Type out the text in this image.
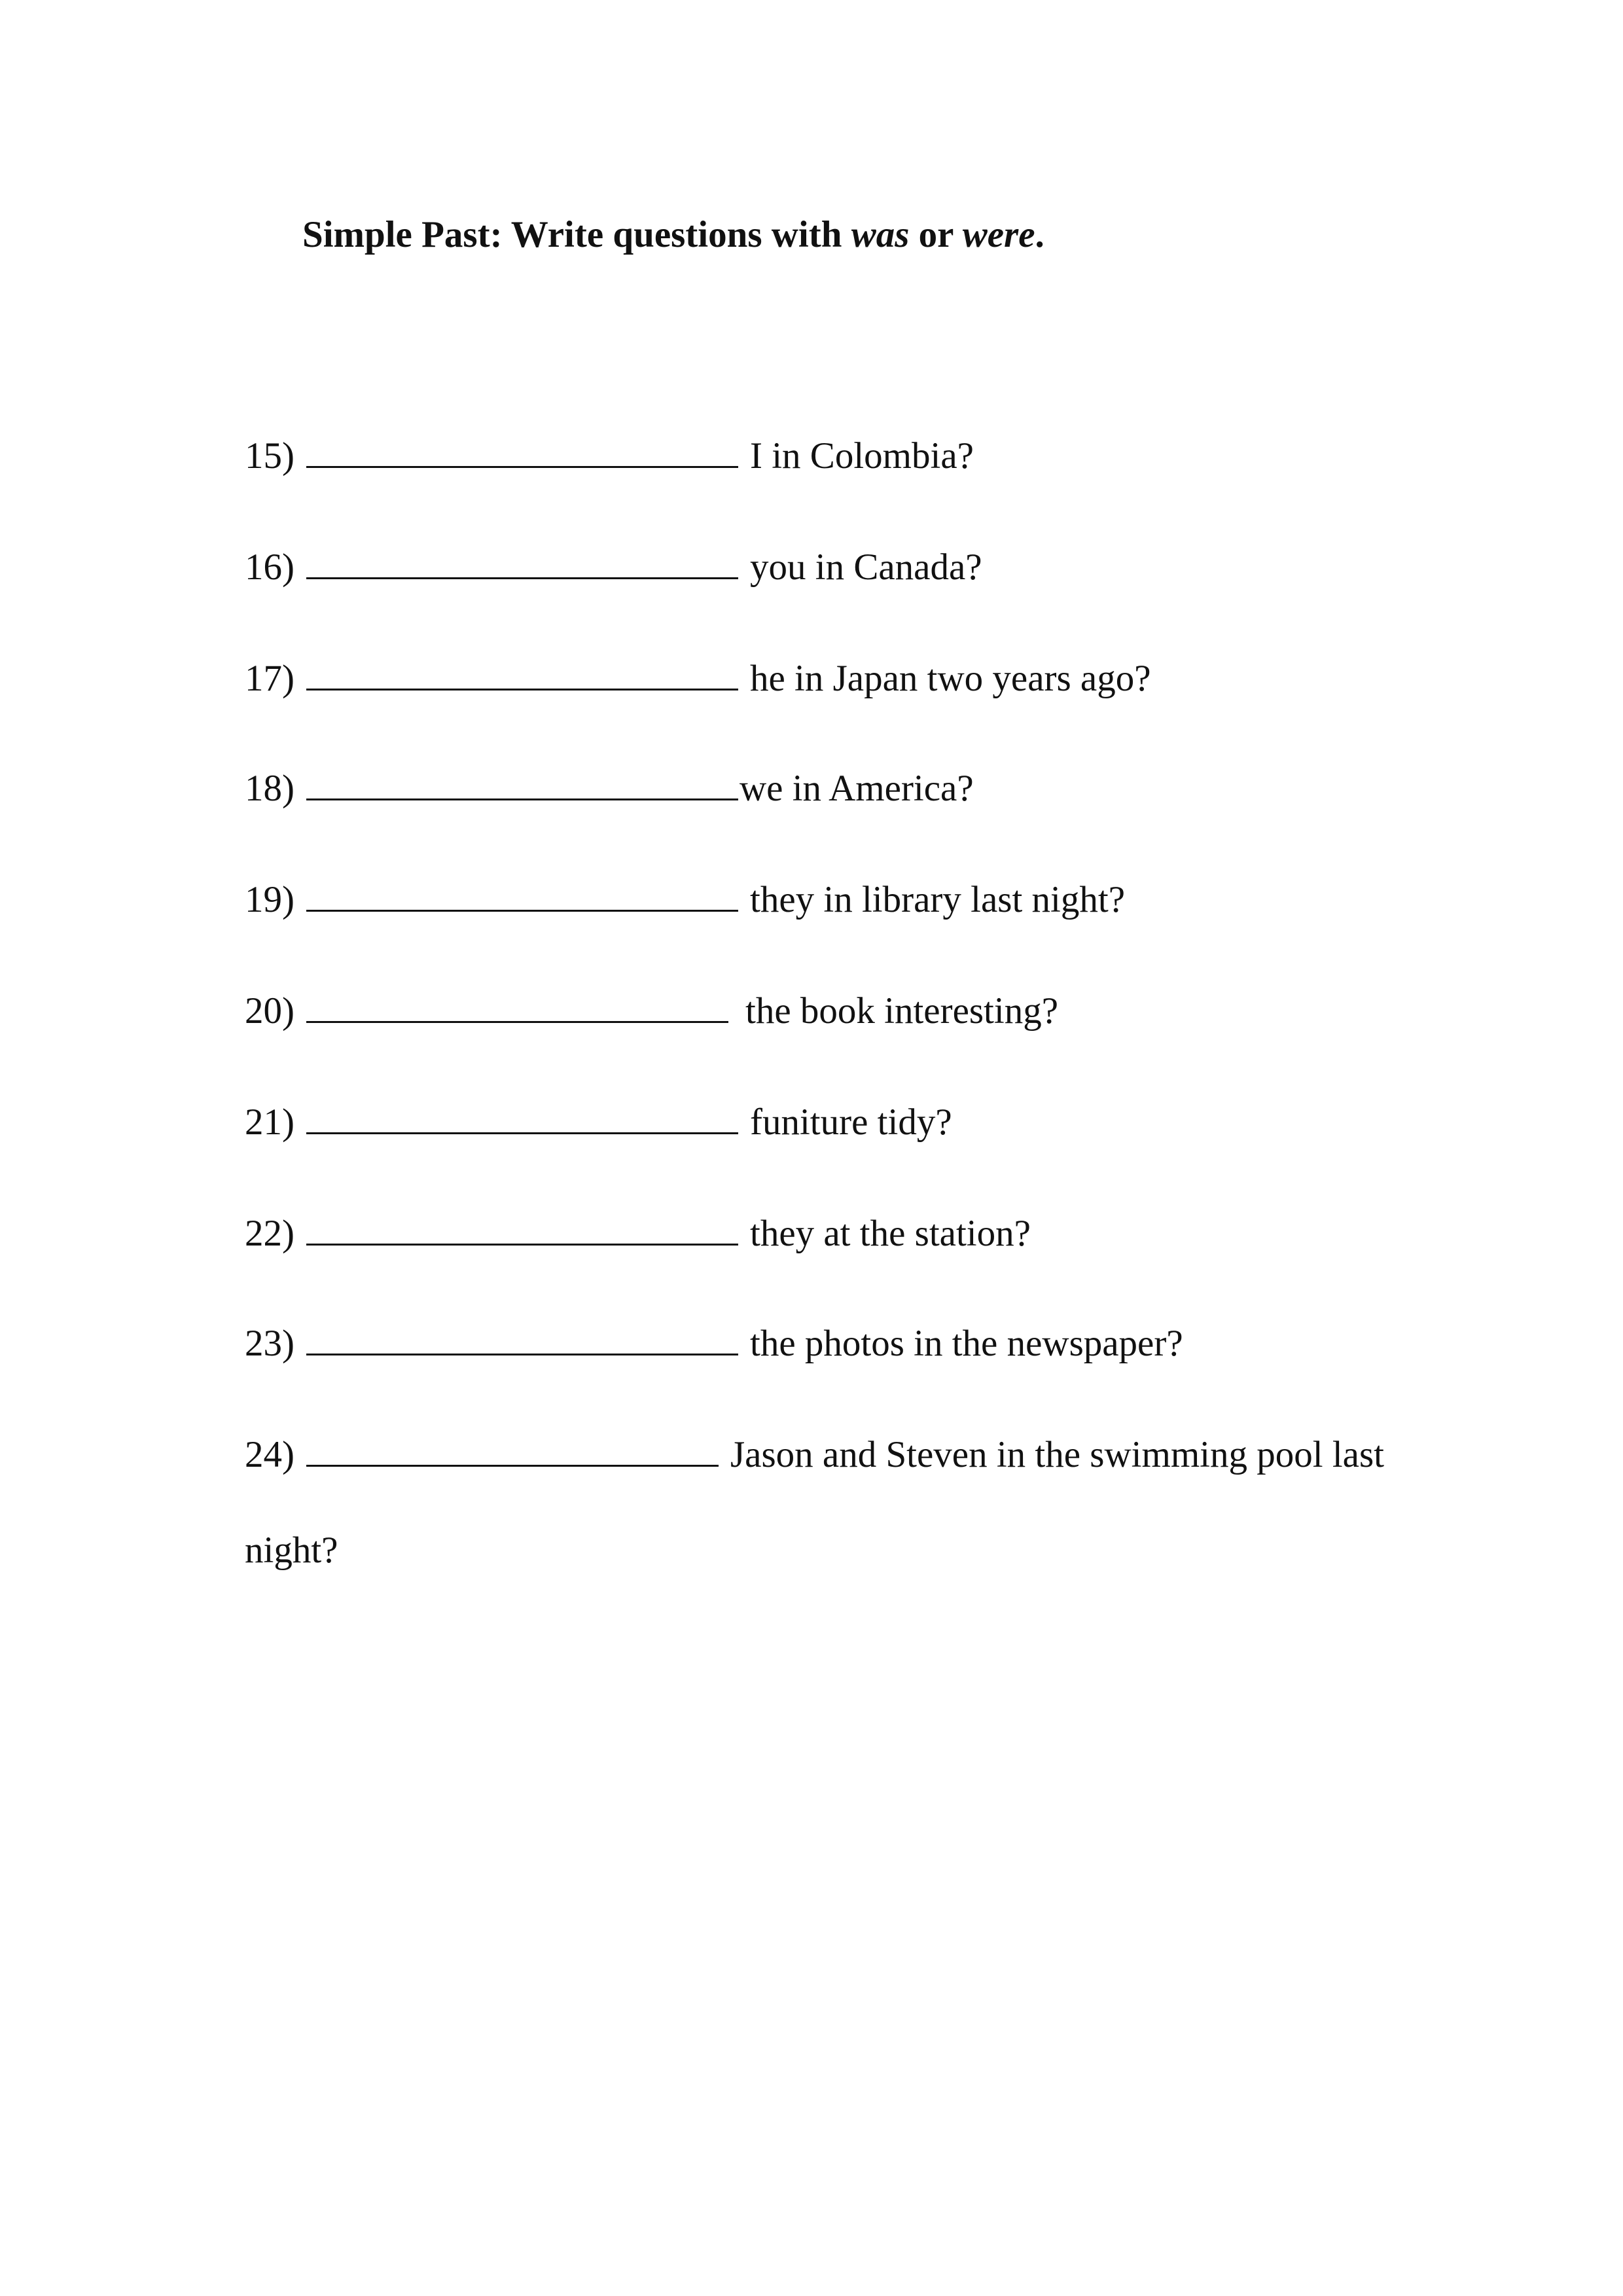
Simple Past: Write questions with was or were.
15)	I in Colombia?
16)	you in Canada?
17)	he in Japan two years ago?
18)	we in America?
19)	they in library last night?
20)	the book interesting?
21)	funiture tidy?
22)	they at the station?
23)	the photos in the newspaper?
24)	Jason and Steven in the swimming pool last
night?
